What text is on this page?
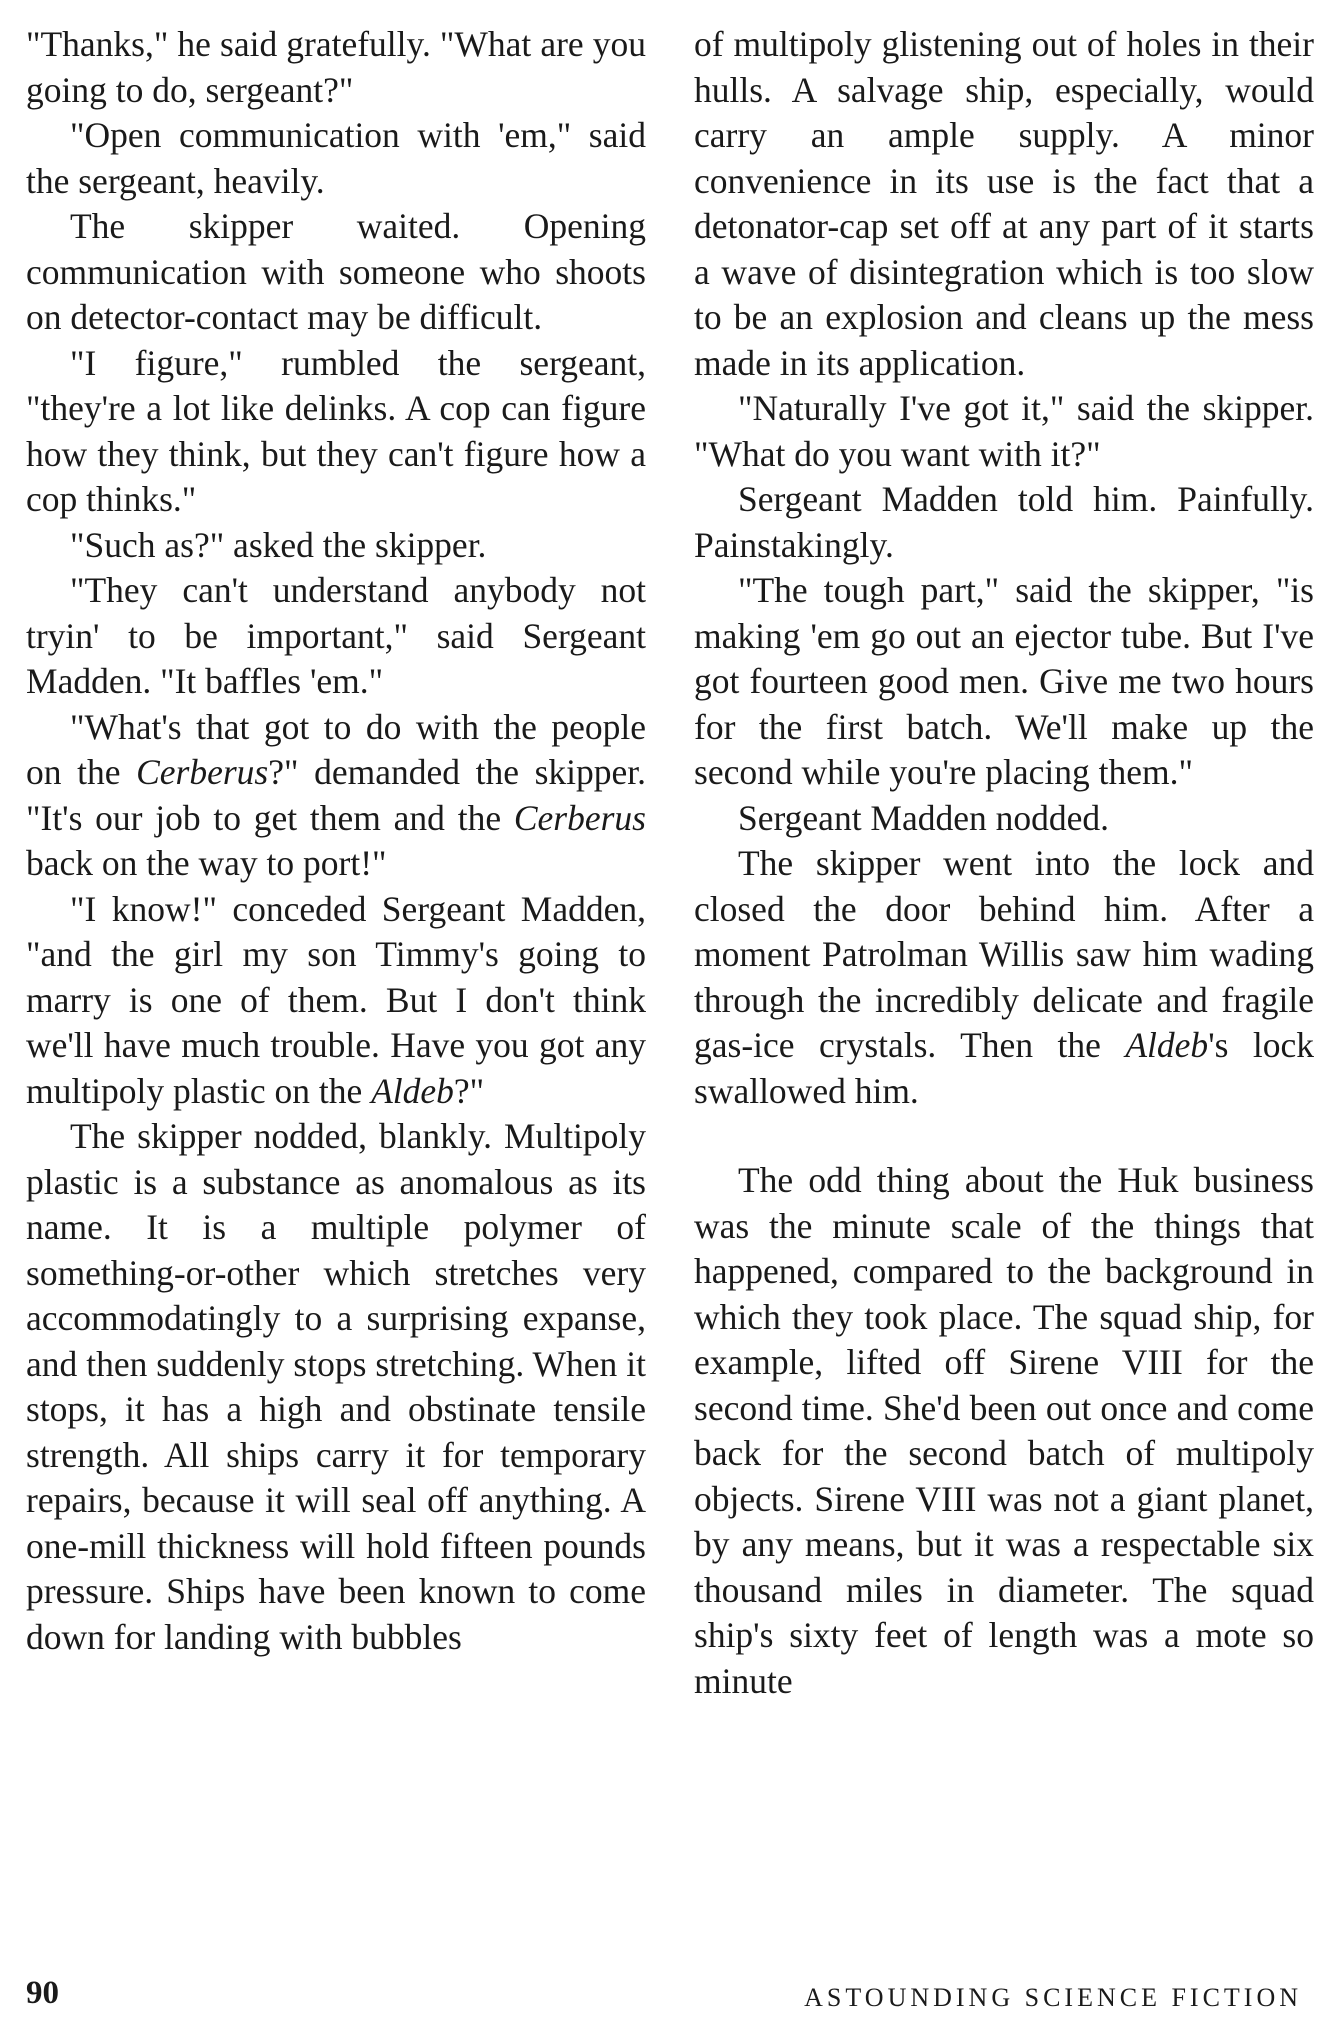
"Thanks," he said gratefully. "What are you going to do, sergeant?"

"Open communication with 'em," said the sergeant, heavily.

The skipper waited. Opening communication with someone who shoots on detector-contact may be difficult.

"I figure," rumbled the sergeant, "they're a lot like delinks. A cop can figure how they think, but they can't figure how a cop thinks."

"Such as?" asked the skipper.

"They can't understand anybody not tryin' to be important," said Sergeant Madden. "It baffles 'em."

"What's that got to do with the people on the Cerberus?" demanded the skipper. "It's our job to get them and the Cerberus back on the way to port!"

"I know!" conceded Sergeant Madden, "and the girl my son Timmy's going to marry is one of them. But I don't think we'll have much trouble. Have you got any multipoly plastic on the Aldeb?"

The skipper nodded, blankly. Multipoly plastic is a substance as anomalous as its name. It is a multiple polymer of something-or-other which stretches very accommodatingly to a surprising expanse, and then suddenly stops stretching. When it stops, it has a high and obstinate tensile strength. All ships carry it for temporary repairs, because it will seal off anything. A one-mill thickness will hold fifteen pounds pressure. Ships have been known to come down for landing with bubbles

of multipoly glistening out of holes in their hulls. A salvage ship, especially, would carry an ample supply. A minor convenience in its use is the fact that a detonator-cap set off at any part of it starts a wave of disintegration which is too slow to be an explosion and cleans up the mess made in its application.

"Naturally I've got it," said the skipper. "What do you want with it?"

Sergeant Madden told him. Painfully. Painstakingly.

"The tough part," said the skipper, "is making 'em go out an ejector tube. But I've got fourteen good men. Give me two hours for the first batch. We'll make up the second while you're placing them."

Sergeant Madden nodded.

The skipper went into the lock and closed the door behind him. After a moment Patrolman Willis saw him wading through the incredibly delicate and fragile gas-ice crystals. Then the Aldeb's lock swallowed him.

The odd thing about the Huk business was the minute scale of the things that happened, compared to the background in which they took place. The squad ship, for example, lifted off Sirene VIII for the second time. She'd been out once and come back for the second batch of multipoly objects. Sirene VIII was not a giant planet, by any means, but it was a respectable six thousand miles in diameter. The squad ship's sixty feet of length was a mote so minute

90	ASTOUNDING SCIENCE FICTION
